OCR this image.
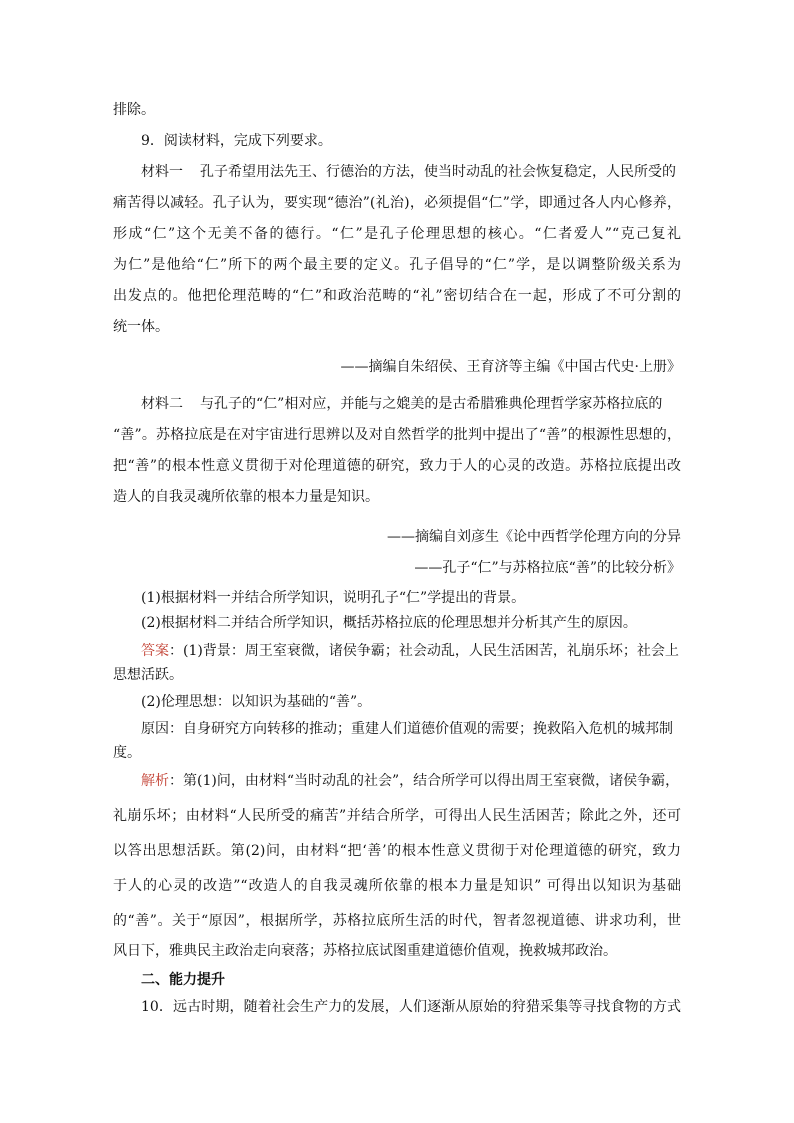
排除。
9．阅读材料，完成下列要求。
材料一 孔子希望用法先王、行德治的方法，使当时动乱的社会恢复稳定，人民所受的
痛苦得以减轻。孔子认为，要实现“德治”(礼治)，必须提倡“仁”学，即通过各人内心修养，
形成“仁”这个无美不备的德行。“仁”是孔子伦理思想的核心。“仁者爱人”“克己复礼
为仁”是他给“仁”所下的两个最主要的定义。孔子倡导的“仁”学，是以调整阶级关系为
出发点的。他把伦理范畴的“仁”和政治范畴的“礼”密切结合在一起，形成了不可分割的
统一体。
——摘编自朱绍侯、王育济等主编《中国古代史·上册》
材料二 与孔子的“仁”相对应，并能与之媲美的是古希腊雅典伦理哲学家苏格拉底的
“善”。苏格拉底是在对宇宙进行思辨以及对自然哲学的批判中提出了“善”的根源性思想的，
把“善”的根本性意义贯彻于对伦理道德的研究，致力于人的心灵的改造。苏格拉底提出改
造人的自我灵魂所依靠的根本力量是知识。
——摘编自刘彦生《论中西哲学伦理方向的分异
——孔子“仁”与苏格拉底“善”的比较分析》
(1)根据材料一并结合所学知识，说明孔子“仁”学提出的背景。
(2)根据材料二并结合所学知识，概括苏格拉底的伦理思想并分析其产生的原因。
答案：(1)背景：周王室衰微，诸侯争霸；社会动乱，人民生活困苦，礼崩乐坏；社会上
思想活跃。
(2)伦理思想：以知识为基础的“善”。
原因：自身研究方向转移的推动；重建人们道德价值观的需要；挽救陷入危机的城邦制
度。
解析：第(1)问，由材料“当时动乱的社会”，结合所学可以得出周王室衰微，诸侯争霸，
礼崩乐坏；由材料“人民所受的痛苦”并结合所学，可得出人民生活困苦；除此之外，还可
以答出思想活跃。第(2)问，由材料“把‘善’的根本性意义贯彻于对伦理道德的研究，致力
于人的心灵的改造”“改造人的自我灵魂所依靠的根本力量是知识” 可得出以知识为基础
的“善”。关于“原因”，根据所学，苏格拉底所生活的时代，智者忽视道德、讲求功利，世
风日下，雅典民主政治走向衰落；苏格拉底试图重建道德价值观，挽救城邦政治。
二、能力提升
10．远古时期，随着社会生产力的发展，人们逐渐从原始的狩猎采集等寻找食物的方式
